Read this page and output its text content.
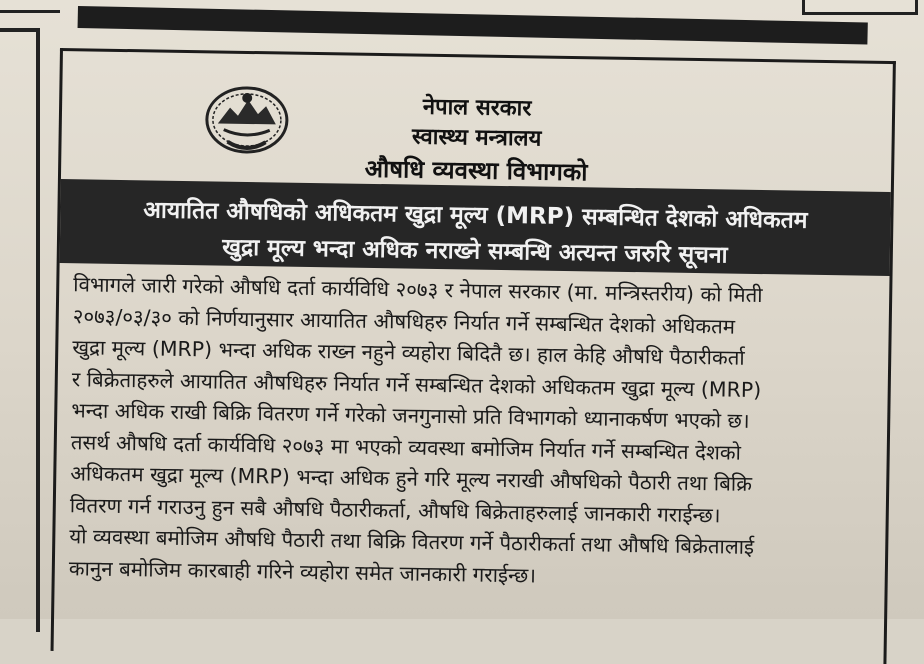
नेपाल सरकार
स्वास्थ्य मन्त्रालय
औषधि व्यवस्था विभागको
आयातित औषधिको अधिकतम खुद्रा मूल्य (MRP) सम्बन्धित देशको अधिकतम
खुद्रा मूल्य भन्दा अधिक नराख्ने सम्बन्धि अत्यन्त जरुरि सूचना
विभागले जारी गरेको औषधि दर्ता कार्यविधि २०७३ र नेपाल सरकार (मा. मन्त्रिस्तरीय) को मिती
२०७३/०३/३० को निर्णयानुसार आयातित औषधिहरु निर्यात गर्ने सम्बन्धित देशको अधिकतम
खुद्रा मूल्य (MRP) भन्दा अधिक राख्न नहुने व्यहोरा बिदितै छ। हाल केहि औषधि पैठारीकर्ता
र बिक्रेताहरुले आयातित औषधिहरु निर्यात गर्ने सम्बन्धित देशको अधिकतम खुद्रा मूल्य (MRP)
भन्दा अधिक राखी बिक्रि वितरण गर्ने गरेको जनगुनासो प्रति विभागको ध्यानाकर्षण भएको छ।
तसर्थ औषधि दर्ता कार्यविधि २०७३ मा भएको व्यवस्था बमोजिम निर्यात गर्ने सम्बन्धित देशको
अधिकतम खुद्रा मूल्य (MRP) भन्दा अधिक हुने गरि मूल्य नराखी औषधिको पैठारी तथा बिक्रि
वितरण गर्न गराउनु हुन सबै औषधि पैठारीकर्ता, औषधि बिक्रेताहरुलाई जानकारी गराईन्छ।
यो व्यवस्था बमोजिम औषधि पैठारी तथा बिक्रि वितरण गर्ने पैठारीकर्ता तथा औषधि बिक्रेतालाई
कानुन बमोजिम कारबाही गरिने व्यहोरा समेत जानकारी गराईन्छ।
